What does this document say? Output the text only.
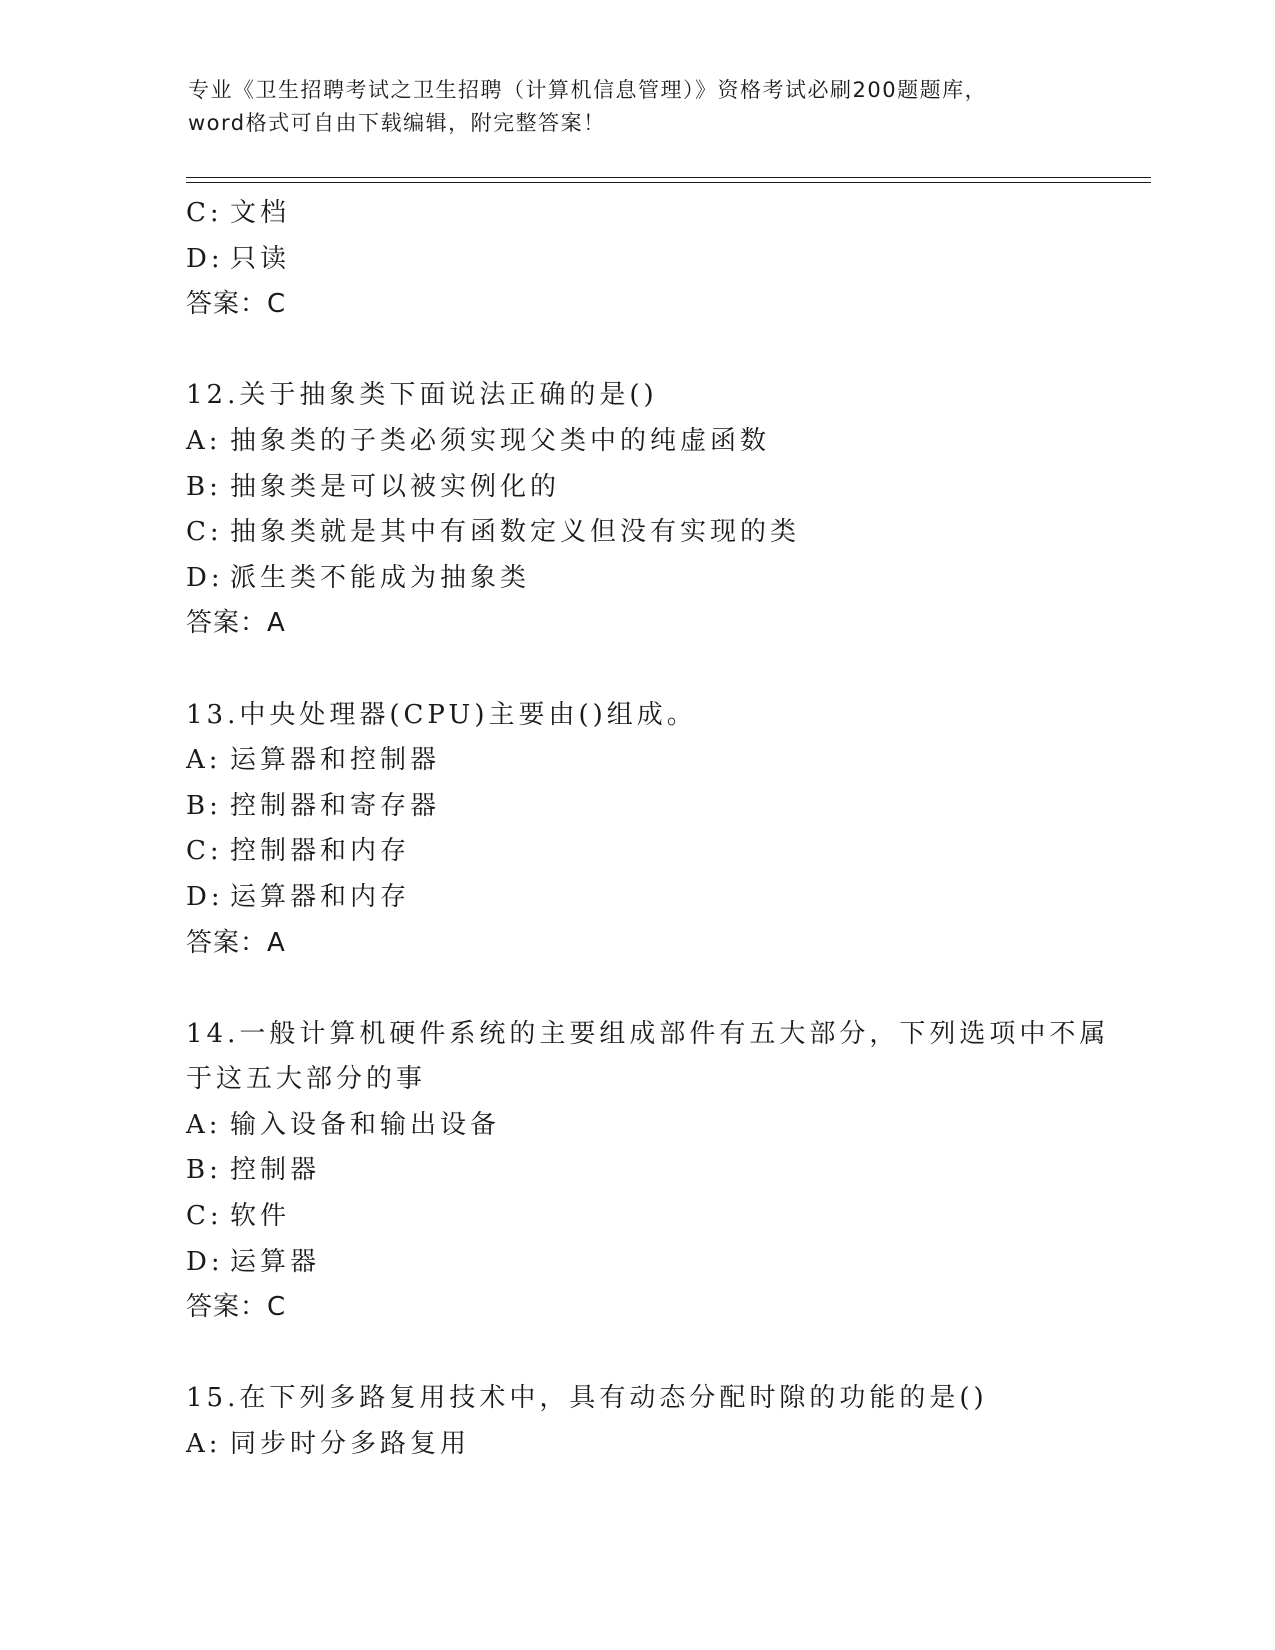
专业《卫生招聘考试之卫生招聘（计算机信息管理）》资格考试必刷200题题库，
word格式可自由下载编辑，附完整答案！
C: 文档
D: 只读
答案：C
12.关于抽象类下面说法正确的是()
A: 抽象类的子类必须实现父类中的纯虚函数
B: 抽象类是可以被实例化的
C: 抽象类就是其中有函数定义但没有实现的类
D: 派生类不能成为抽象类
答案：A
13.中央处理器(CPU)主要由()组成。
A: 运算器和控制器
B: 控制器和寄存器
C: 控制器和内存
D: 运算器和内存
答案：A
14.一般计算机硬件系统的主要组成部件有五大部分，下列选项中不属
于这五大部分的事
A: 输入设备和输出设备
B: 控制器
C: 软件
D: 运算器
答案：C
15.在下列多路复用技术中，具有动态分配时隙的功能的是()
A: 同步时分多路复用
